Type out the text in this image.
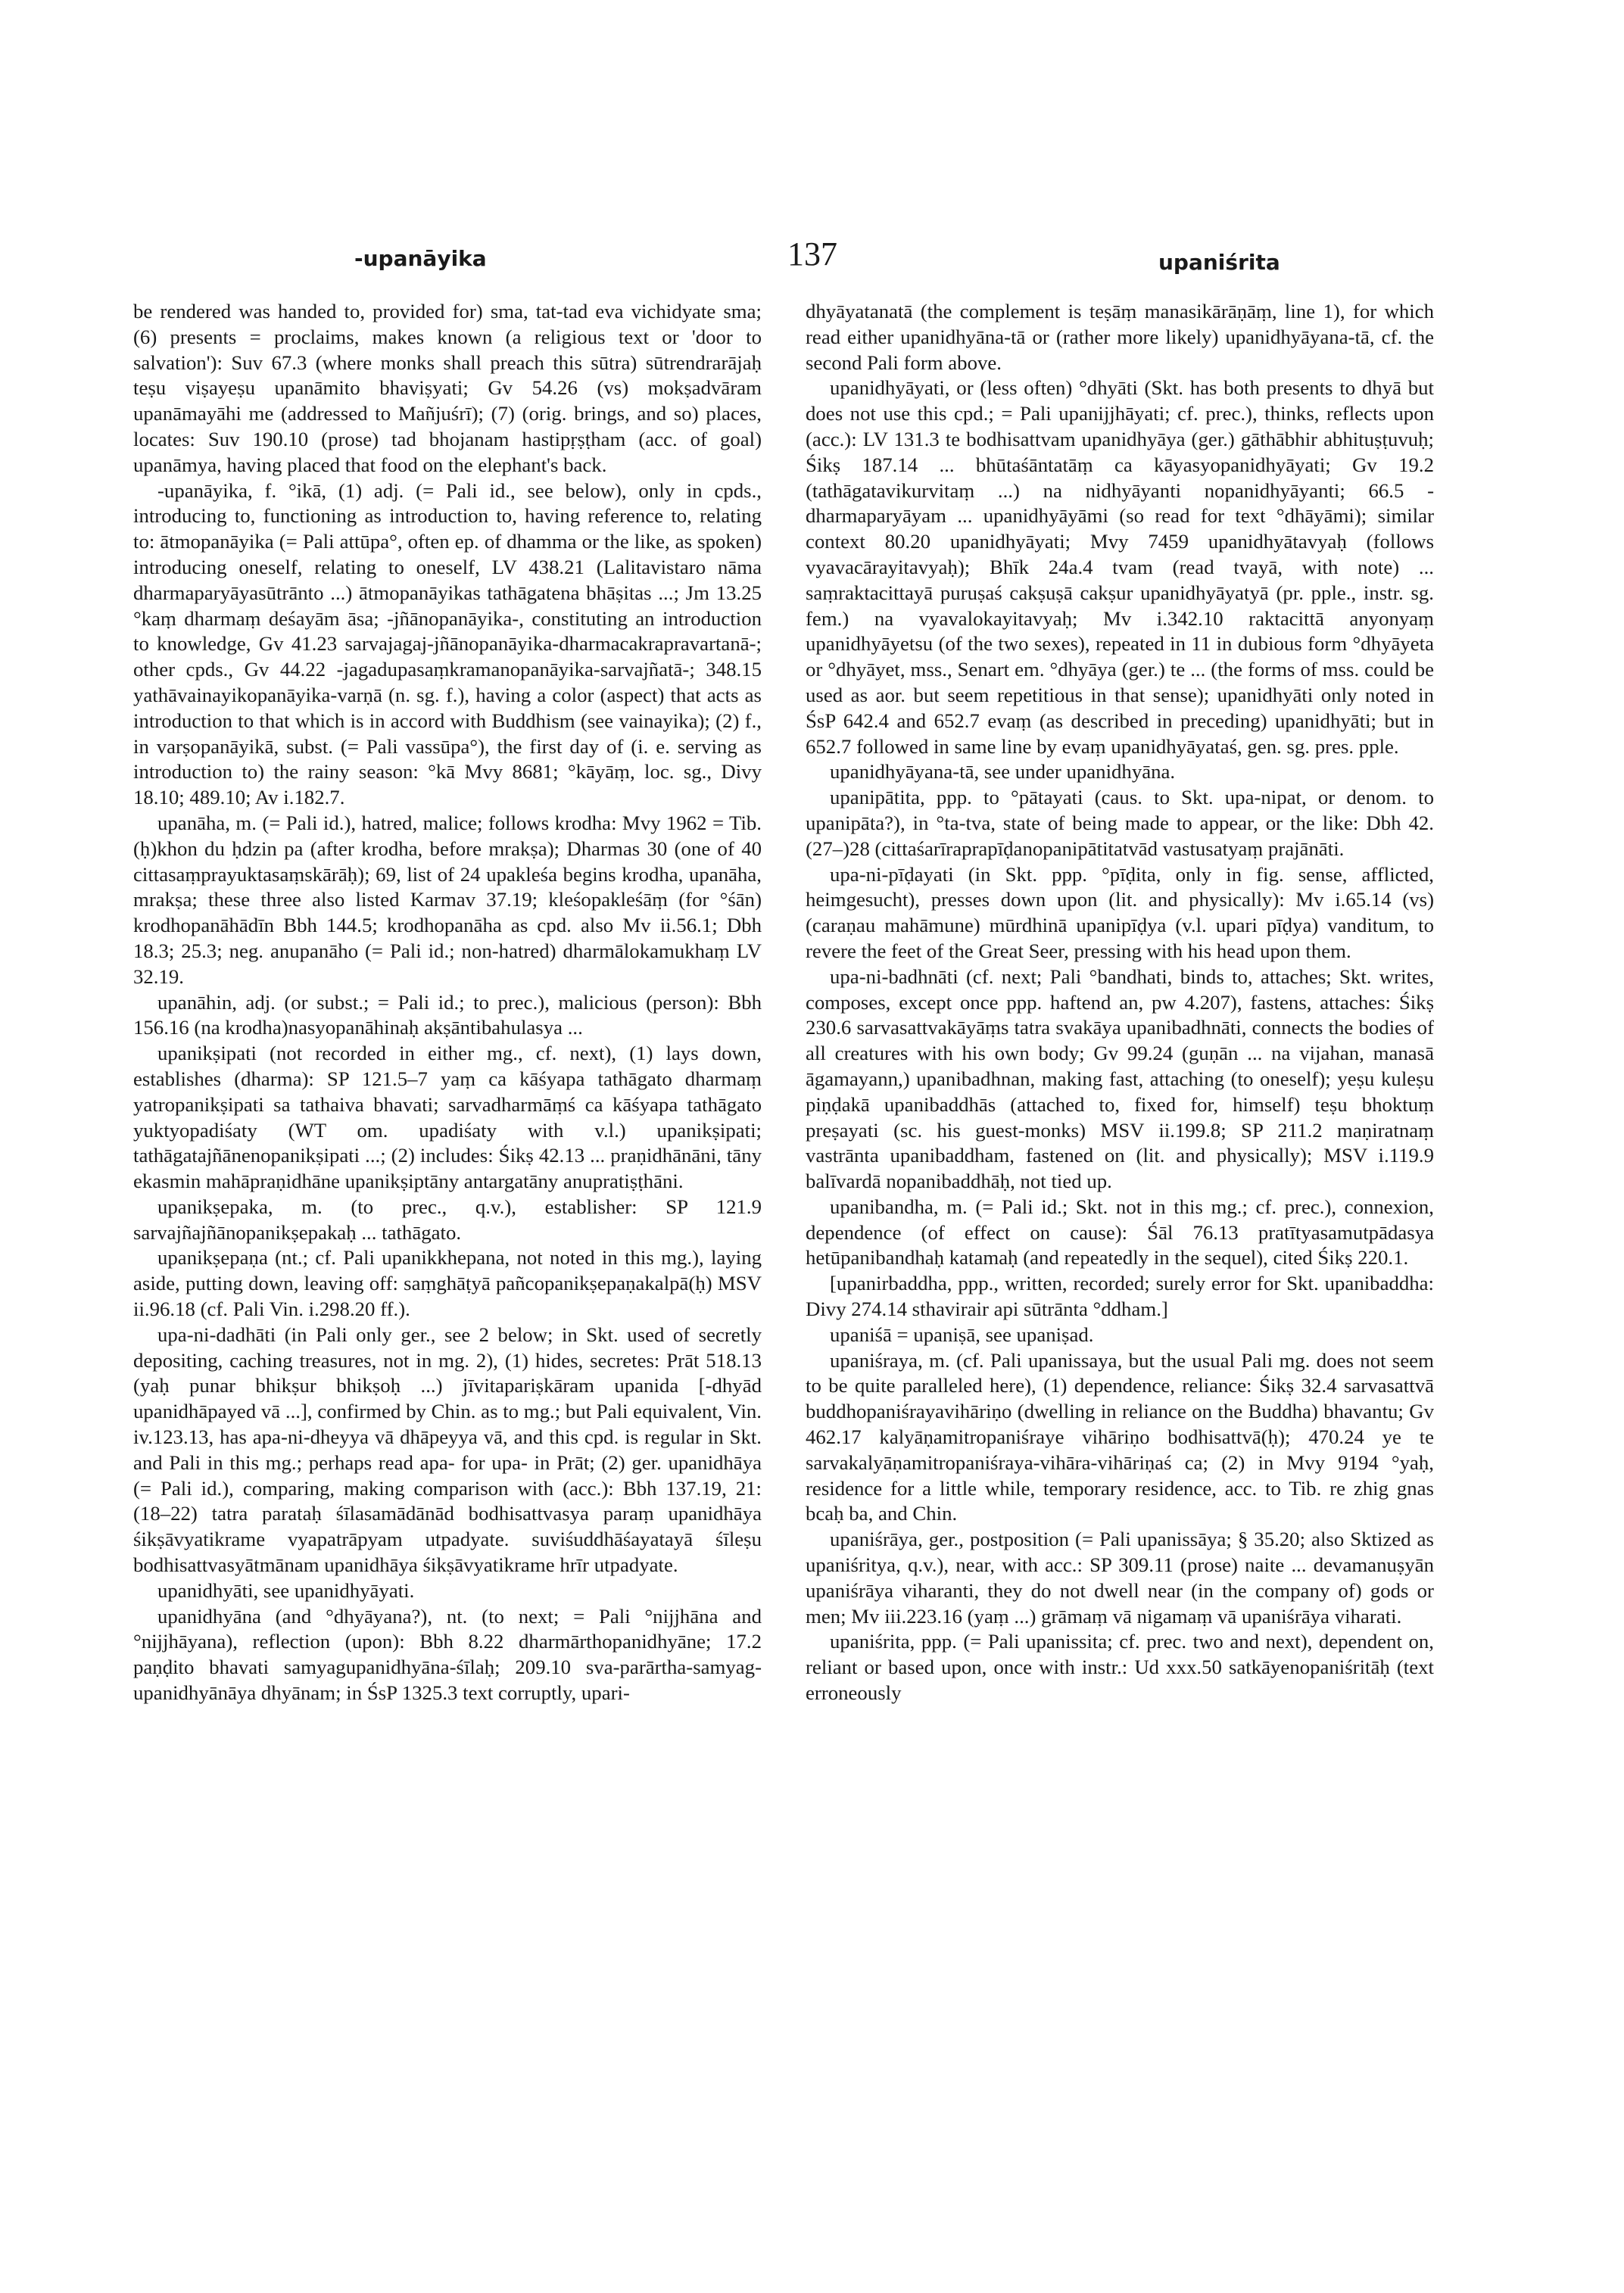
-upanāyika	137	upaniśrita

be rendered was handed to, provided for) sma, tat-tad eva vichidyate sma; (6) presents = proclaims, makes known (a religious text or 'door to salvation'): Suv 67.3 (where monks shall preach this sūtra) sūtrendrarājaḥ teṣu viṣayeṣu upanāmito bhaviṣyati; Gv 54.26 (vs) mokṣadvāram upanāmayāhi me (addressed to Mañjuśrī); (7) (orig. brings, and so) places, locates: Suv 190.10 (prose) tad bhojanam hastipṛṣṭham (acc. of goal) upanāmya, having placed that food on the elephant's back.

-upanāyika, f. °ikā, (1) adj. (= Pali id., see below), only in cpds., introducing to, functioning as introduction to, having reference to, relating to: ātmopanāyika (= Pali attūpa°, often ep. of dhamma or the like, as spoken) introducing oneself, relating to oneself, LV 438.21 (Lalitavistaro nāma dharmaparyāyasūtrānto ...) ātmopanāyikas tathāgatena bhāṣitas ...; Jm 13.25 °kaṃ dharmaṃ deśayām āsa; -jñānopanāyika-, constituting an introduction to knowledge, Gv 41.23 sarvajagaj-jñānopanāyika-dharmacakrapravartanā-; other cpds., Gv 44.22 -jagadupasaṃkramanopanāyika-sarvajñatā-; 348.15 yathāvainayikopanāyika-varṇā (n. sg. f.), having a color (aspect) that acts as introduction to that which is in accord with Buddhism (see vainayika); (2) f., in varṣopanāyikā, subst. (= Pali vassūpa°), the first day of (i. e. serving as introduction to) the rainy season: °kā Mvy 8681; °kāyāṃ, loc. sg., Divy 18.10; 489.10; Av i.182.7.

upanāha, m. (= Pali id.), hatred, malice; follows krodha: Mvy 1962 = Tib. (ḥ)khon du ḥdzin pa (after krodha, before mrakṣa); Dharmas 30 (one of 40 cittasaṃprayuktasaṃskārāḥ); 69, list of 24 upakleśa begins krodha, upanāha, mrakṣa; these three also listed Karmav 37.19; kleśopakleśāṃ (for °śān) krodhopanāhādīn Bbh 144.5; krodhopanāha as cpd. also Mv ii.56.1; Dbh 18.3; 25.3; neg. anupanāho (= Pali id.; non-hatred) dharmālokamukhaṃ LV 32.19.

upanāhin, adj. (or subst.; = Pali id.; to prec.), malicious (person): Bbh 156.16 (na krodha)nasyopanāhinaḥ akṣāntibahulasya ...

upanikṣipati (not recorded in either mg., cf. next), (1) lays down, establishes (dharma): SP 121.5–7 yaṃ ca kāśyapa tathāgato dharmaṃ yatropanikṣipati sa tathaiva bhavati; sarvadharmāṃś ca kāśyapa tathāgato yuktyopadiśaty (WT om. upadiśaty with v.l.) upanikṣipati; tathāgatajñānenopanikṣipati ...; (2) includes: Śikṣ 42.13 ... praṇidhānāni, tāny ekasmin mahāpraṇidhāne upanikṣiptāny antargatāny anupratiṣṭhāni.

upanikṣepaka, m. (to prec., q.v.), establisher: SP 121.9 sarvajñajñānopanikṣepakaḥ ... tathāgato.

upanikṣepaṇa (nt.; cf. Pali upanikkhepana, not noted in this mg.), laying aside, putting down, leaving off: saṃghāṭyā pañcopanikṣepaṇakalpā(ḥ) MSV ii.96.18 (cf. Pali Vin. i.298.20 ff.).

upa-ni-dadhāti (in Pali only ger., see 2 below; in Skt. used of secretly depositing, caching treasures, not in mg. 2), (1) hides, secretes: Prāt 518.13 (yaḥ punar bhikṣur bhikṣoḥ ...) jīvitapariṣkāram upanida [-dhyād upanidhāpayed vā ...], confirmed by Chin. as to mg.; but Pali equivalent, Vin. iv.123.13, has apa-ni-dheyya vā dhāpeyya vā, and this cpd. is regular in Skt. and Pali in this mg.; perhaps read apa- for upa- in Prāt; (2) ger. upanidhāya (= Pali id.), comparing, making comparison with (acc.): Bbh 137.19, 21: (18–22) tatra parataḥ śīlasamādānād bodhisattvasya paraṃ upanidhāya śikṣāvyatikrame vyapatrāpyam utpadyate. suviśuddhāśayatayā śīleṣu bodhisattvasyātmānam upanidhāya śikṣāvyatikrame hrīr utpadyate.

upanidhyāti, see upanidhyāyati.

upanidhyāna (and °dhyāyana?), nt. (to next; = Pali °nijjhāna and °nijjhāyana), reflection (upon): Bbh 8.22 dharmārthopanidhyāne; 17.2 paṇḍito bhavati samyagupanidhyāna-śīlaḥ; 209.10 sva-parārtha-samyag-upanidhyānāya dhyānam; in ŚsP 1325.3 text corruptly, upari-

dhyāyatanatā (the complement is teṣāṃ manasikārāṇāṃ, line 1), for which read either upanidhyāna-tā or (rather more likely) upanidhyāyana-tā, cf. the second Pali form above.

upanidhyāyati, or (less often) °dhyāti (Skt. has both presents to dhyā but does not use this cpd.; = Pali upanijjhāyati; cf. prec.), thinks, reflects upon (acc.): LV 131.3 te bodhisattvam upanidhyāya (ger.) gāthābhir abhituṣṭuvuḥ; Śikṣ 187.14 ... bhūtaśāntatāṃ ca kāyasyopanidhyāyati; Gv 19.2 (tathāgatavikurvitaṃ ...) na nidhyāyanti nopanidhyāyanti; 66.5 -dharmaparyāyam ... upanidhyāyāmi (so read for text °dhāyāmi); similar context 80.20 upanidhyāyati; Mvy 7459 upanidhyātavyaḥ (follows vyavacārayitavyaḥ); Bhīk 24a.4 tvam (read tvayā, with note) ... saṃraktacittayā puruṣaś cakṣuṣā cakṣur upanidhyāyatyā (pr. pple., instr. sg. fem.) na vyavalokayitavyaḥ; Mv i.342.10 raktacittā anyonyaṃ upanidhyāyetsu (of the two sexes), repeated in 11 in dubious form °dhyāyeta or °dhyāyet, mss., Senart em. °dhyāya (ger.) te ... (the forms of mss. could be used as aor. but seem repetitious in that sense); upanidhyāti only noted in ŚsP 642.4 and 652.7 evaṃ (as described in preceding) upanidhyāti; but in 652.7 followed in same line by evaṃ upanidhyāyataś, gen. sg. pres. pple.

upanidhyāyana-tā, see under upanidhyāna.

upanipātita, ppp. to °pātayati (caus. to Skt. upa-nipat, or denom. to upanipāta?), in °ta-tva, state of being made to appear, or the like: Dbh 42.(27–)28 (cittaśarīraprapīḍanopanipātitatvād vastusatyaṃ prajānāti.

upa-ni-pīḍayati (in Skt. ppp. °pīḍita, only in fig. sense, afflicted, heimgesucht), presses down upon (lit. and physically): Mv i.65.14 (vs) (caraṇau mahāmune) mūrdhinā upanipīḍya (v.l. upari pīḍya) vanditum, to revere the feet of the Great Seer, pressing with his head upon them.

upa-ni-badhnāti (cf. next; Pali °bandhati, binds to, attaches; Skt. writes, composes, except once ppp. haftend an, pw 4.207), fastens, attaches: Śikṣ 230.6 sarvasattvakāyāṃs tatra svakāya upanibadhnāti, connects the bodies of all creatures with his own body; Gv 99.24 (guṇān ... na vijahan, manasā āgamayann,) upanibadhnan, making fast, attaching (to oneself); yeṣu kuleṣu piṇḍakā upanibaddhās (attached to, fixed for, himself) teṣu bhoktuṃ preṣayati (sc. his guest-monks) MSV ii.199.8; SP 211.2 maṇiratnaṃ vastrānta upanibaddham, fastened on (lit. and physically); MSV i.119.9 balīvardā nopanibaddhāḥ, not tied up.

upanibandha, m. (= Pali id.; Skt. not in this mg.; cf. prec.), connexion, dependence (of effect on cause): Śāl 76.13 pratītyasamutpādasya hetūpanibandhaḥ katamaḥ (and repeatedly in the sequel), cited Śikṣ 220.1.

[upanirbaddha, ppp., written, recorded; surely error for Skt. upanibaddha: Divy 274.14 sthavirair api sūtrānta °ddham.]

upaniśā = upaniṣā, see upaniṣad.

upaniśraya, m. (cf. Pali upanissaya, but the usual Pali mg. does not seem to be quite paralleled here), (1) dependence, reliance: Śikṣ 32.4 sarvasattvā buddhopaniśrayavihāriṇo (dwelling in reliance on the Buddha) bhavantu; Gv 462.17 kalyāṇamitropaniśraye vihāriṇo bodhisattvā(ḥ); 470.24 ye te sarvakalyāṇamitropaniśraya-vihāra-vihāriṇaś ca; (2) in Mvy 9194 °yaḥ, residence for a little while, temporary residence, acc. to Tib. re zhig gnas bcaḥ ba, and Chin.

upaniśrāya, ger., postposition (= Pali upanissāya; § 35.20; also Sktized as upaniśritya, q.v.), near, with acc.: SP 309.11 (prose) naite ... devamanuṣyān upaniśrāya viharanti, they do not dwell near (in the company of) gods or men; Mv iii.223.16 (yaṃ ...) grāmaṃ vā nigamaṃ vā upaniśrāya viharati.

upaniśrita, ppp. (= Pali upanissita; cf. prec. two and next), dependent on, reliant or based upon, once with instr.: Ud xxx.50 satkāyenopaniśritāḥ (text erroneously
